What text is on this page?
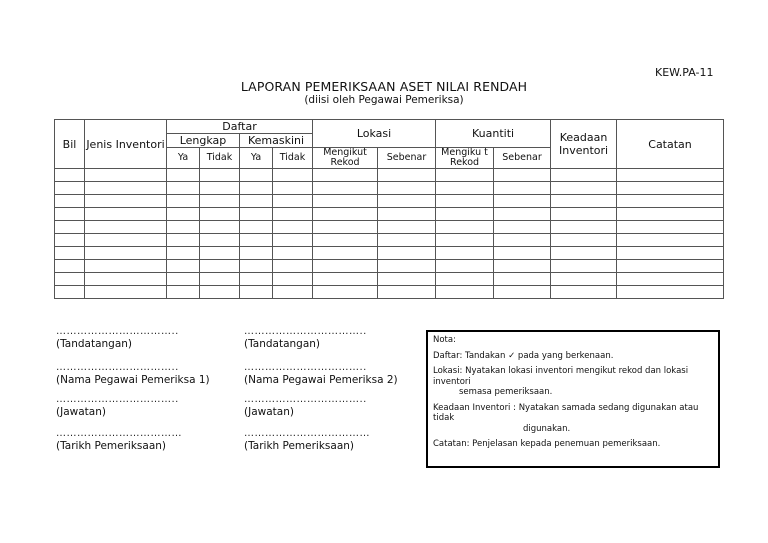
KEW.PA-11
LAPORAN PEMERIKSAAN ASET NILAI RENDAH
(diisi oleh Pegawai Pemeriksa)
Bil	Jenis Inventori	Daftar				Lokasi		Kuantiti		Keadaan Inventori	Catatan
		Lengkap		Kemaskini							
		Ya	Tidak	Ya	Tidak	Mengikut Rekod	Sebenar	Mengiku t Rekod	Sebenar		

……………………………..
(Tandatangan)
……………………………..
(Nama Pegawai Pemeriksa 1)
……………………………..
(Jawatan)
………………………………
(Tarikh Pemeriksaan)
……………………………..
(Tandatangan)
……………………………..
(Nama Pegawai Pemeriksa 2)
……………………………..
(Jawatan)
………………………………
(Tarikh Pemeriksaan)

Nota:

Daftar: Tandakan ✓ pada yang berkenaan.

Lokasi: Nyatakan lokasi inventori mengikut rekod dan lokasi inventori
semasa pemeriksaan.

Keadaan Inventori : Nyatakan samada sedang digunakan atau tidak
digunakan.

Catatan: Penjelasan kepada penemuan pemeriksaan.
